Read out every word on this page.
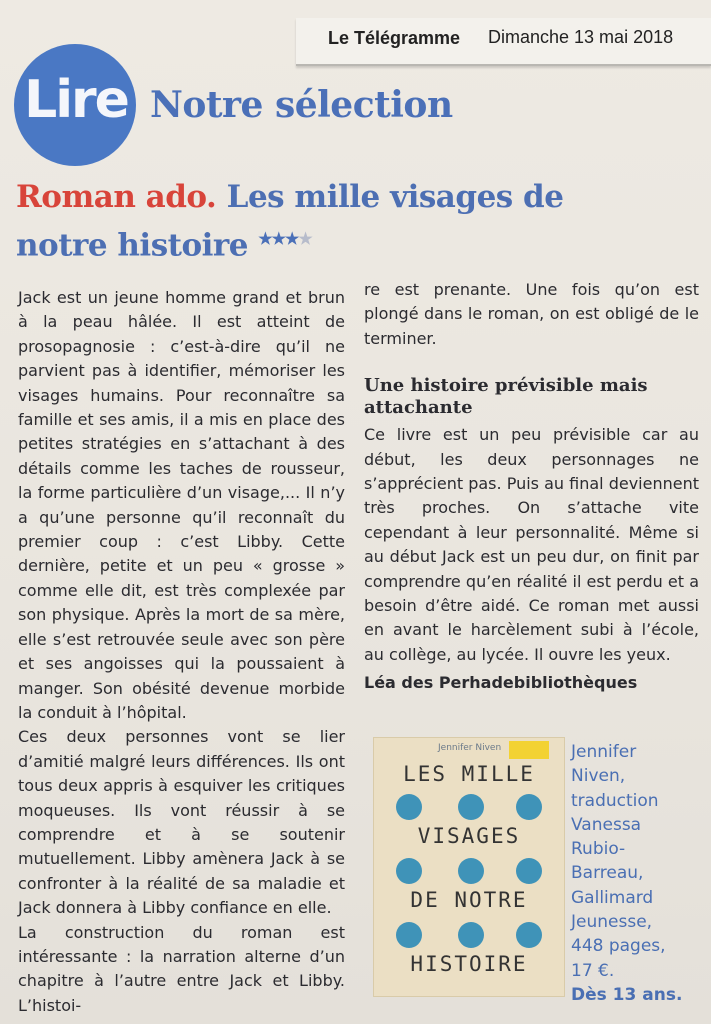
Le Télégramme Dimanche 13 mai 2018
Lire Notre sélection
Roman ado. Les mille visages de notre histoire ★★★★

Jack est un jeune homme grand et brun à la peau hâlée. Il est atteint de prosopagnosie : c’est-à-dire qu’il ne parvient pas à identifier, mémoriser les visages humains. Pour reconnaître sa famille et ses amis, il a mis en place des petites stratégies en s’attachant à des détails comme les taches de rousseur, la forme particulière d’un visage,... Il n’y a qu’une personne qu’il reconnaît du premier coup : c’est Libby. Cette dernière, petite et un peu « grosse » comme elle dit, est très complexée par son physique. Après la mort de sa mère, elle s’est retrouvée seule avec son père et ses angoisses qui la poussaient à manger. Son obésité devenue morbide la conduit à l’hôpital.

Ces deux personnes vont se lier d’amitié malgré leurs différences. Ils ont tous deux appris à esquiver les critiques moqueuses. Ils vont réussir à se comprendre et à se soutenir mutuellement. Libby amènera Jack à se confronter à la réalité de sa maladie et Jack donnera à Libby confiance en elle.

La construction du roman est intéressante : la narration alterne d’un chapitre à l’autre entre Jack et Libby. L’histoi-

re est prenante. Une fois qu’on est plongé dans le roman, on est obligé de le terminer.

Une histoire prévisible mais attachante

Ce livre est un peu prévisible car au début, les deux personnages ne s’apprécient pas. Puis au final deviennent très proches. On s’attache vite cependant à leur personnalité. Même si au début Jack est un peu dur, on finit par comprendre qu’en réalité il est perdu et a besoin d’être aidé. Ce roman met aussi en avant le harcèlement subi à l’école, au collège, au lycée. Il ouvre les yeux.

Léa des Perhadebibliothèques

Jennifer Niven
LES MILLE
VISAGES
DE NOTRE
HISTOIRE
Jennifer
Niven,
traduction
Vanessa
Rubio-
Barreau,
Gallimard
Jeunesse,
448 pages,
17 €.
Dès 13 ans.
